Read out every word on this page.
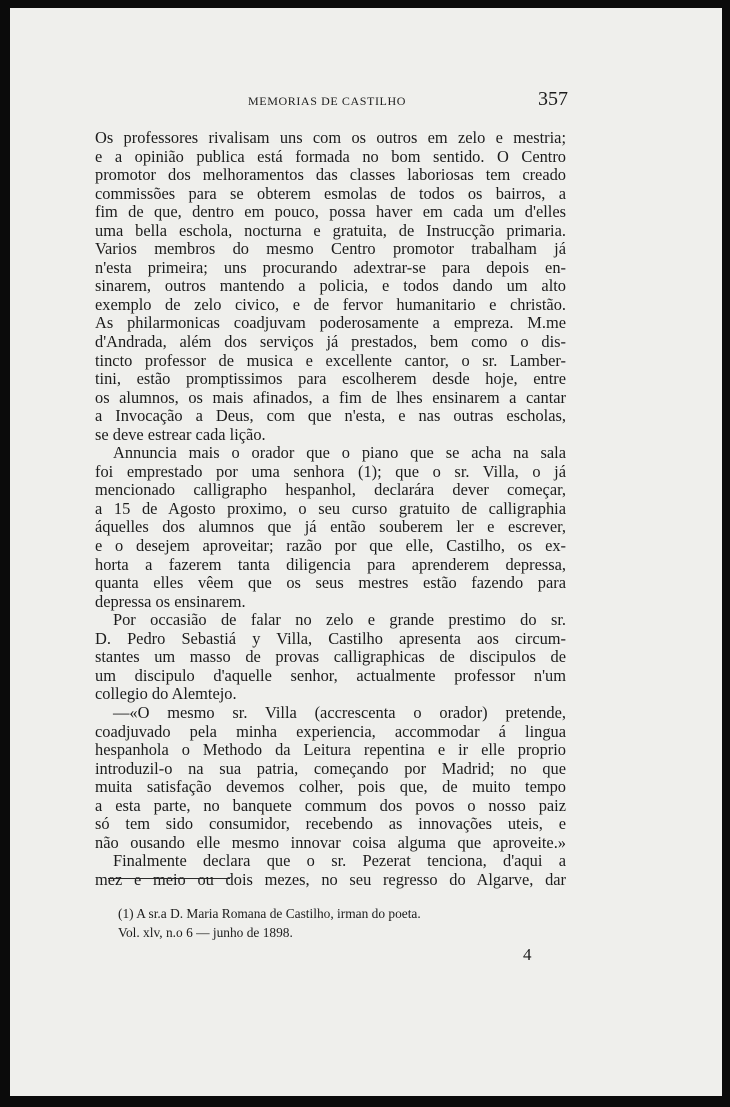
MEMORIAS DE CASTILHO	357
Os professores rivalisam uns com os outros em zelo e mestria;
e a opinião publica está formada no bom sentido. O Centro
promotor dos melhoramentos das classes laboriosas tem creado
commissões para se obterem esmolas de todos os bairros, a
fim de que, dentro em pouco, possa haver em cada um d'elles
uma bella eschola, nocturna e gratuita, de Instrucção primaria.
Varios membros do mesmo Centro promotor trabalham já
n'esta primeira; uns procurando adextrar-se para depois en-
sinarem, outros mantendo a policia, e todos dando um alto
exemplo de zelo civico, e de fervor humanitario e christão.
As philarmonicas coadjuvam poderosamente a empreza. M.me
d'Andrada, além dos serviços já prestados, bem como o dis-
tincto professor de musica e excellente cantor, o sr. Lamber-
tini, estão promptissimos para escolherem desde hoje, entre
os alumnos, os mais afinados, a fim de lhes ensinarem a cantar
a Invocação a Deus, com que n'esta, e nas outras escholas,
se deve estrear cada lição.
Annuncia mais o orador que o piano que se acha na sala
foi emprestado por uma senhora (1); que o sr. Villa, o já
mencionado calligrapho hespanhol, declarára dever começar,
a 15 de Agosto proximo, o seu curso gratuito de calligraphia
áquelles dos alumnos que já então souberem ler e escrever,
e o desejem aproveitar; razão por que elle, Castilho, os ex-
horta a fazerem tanta diligencia para aprenderem depressa,
quanta elles vêem que os seus mestres estão fazendo para
depressa os ensinarem.
Por occasião de falar no zelo e grande prestimo do sr.
D. Pedro Sebastiá y Villa, Castilho apresenta aos circum-
stantes um masso de provas calligraphicas de discipulos de
um discipulo d'aquelle senhor, actualmente professor n'um
collegio do Alemtejo.
—«O mesmo sr. Villa (accrescenta o orador) pretende,
coadjuvado pela minha experiencia, accommodar á lingua
hespanhola o Methodo da Leitura repentina e ir elle proprio
introduzil-o na sua patria, começando por Madrid; no que
muita satisfação devemos colher, pois que, de muito tempo
a esta parte, no banquete commum dos povos o nosso paiz
só tem sido consumidor, recebendo as innovações uteis, e
não ousando elle mesmo innovar coisa alguma que aproveite.»
Finalmente declara que o sr. Pezerat tenciona, d'aqui a
mez e meio ou dois mezes, no seu regresso do Algarve, dar
(1) A sr.a D. Maria Romana de Castilho, irman do poeta.
Vol. xlv, n.o 6 — junho de 1898.
4
